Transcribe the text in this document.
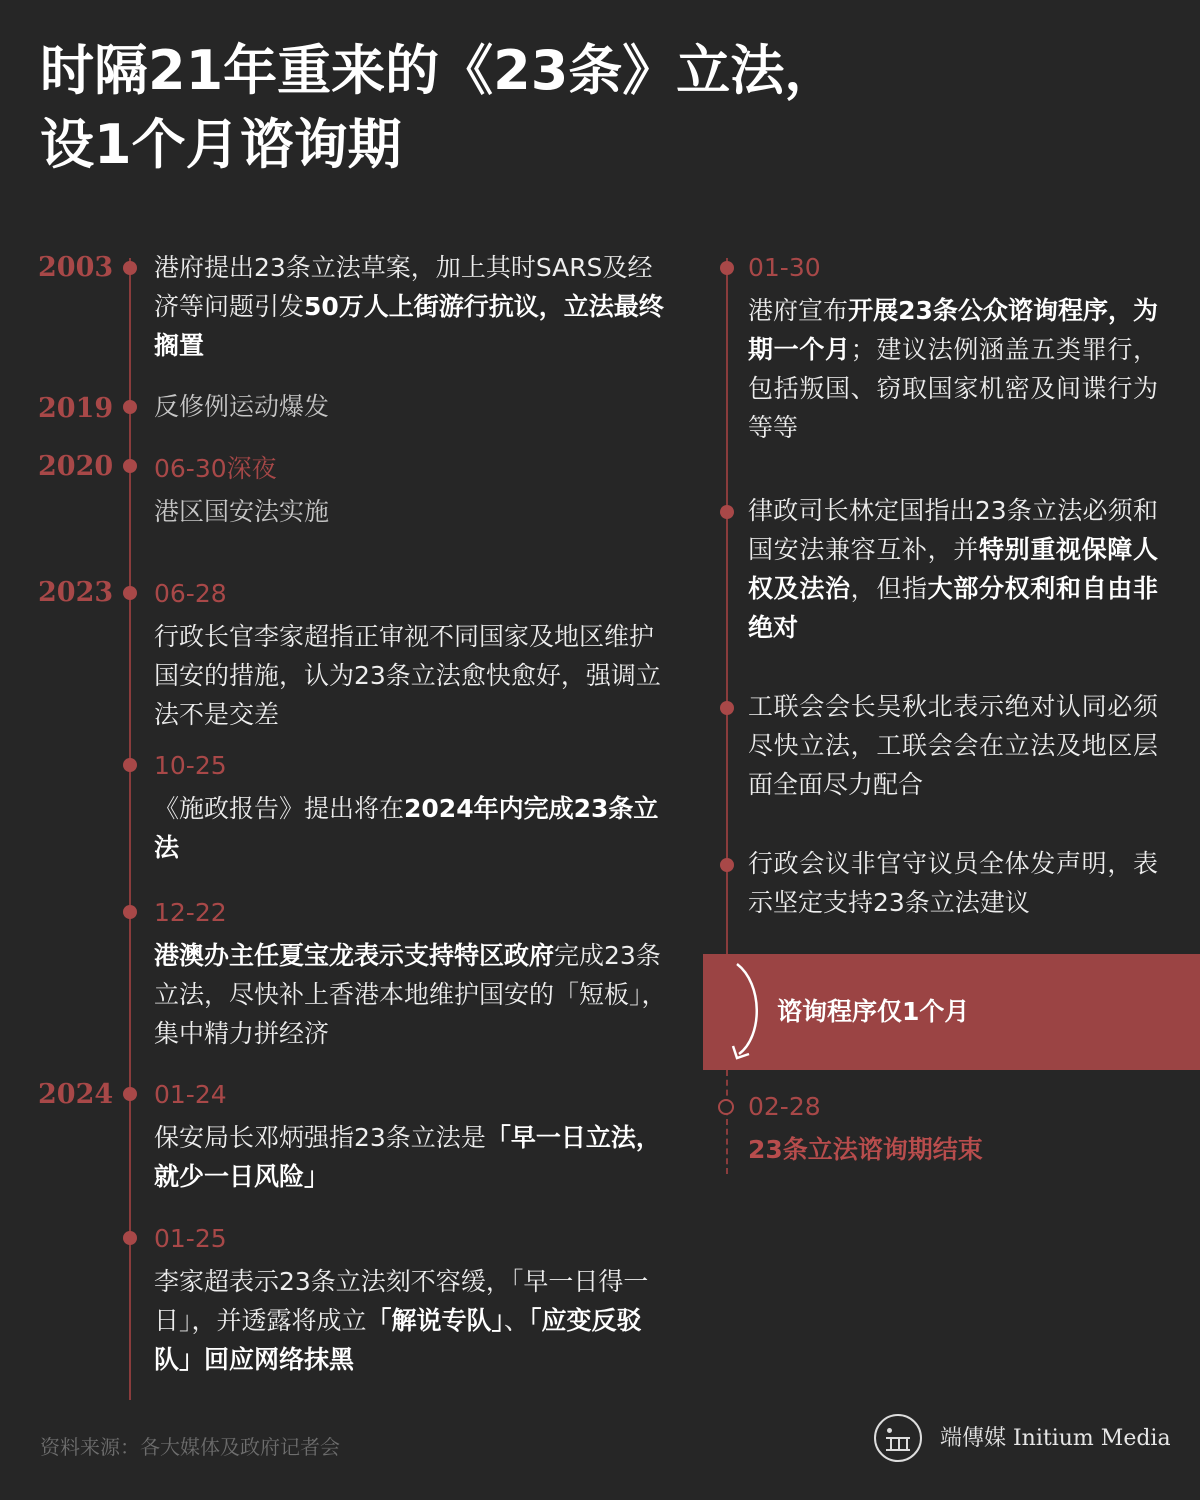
时隔21年重来的《23条》立法，
设1个月谘询期
2003 港府提出23条立法草案，加上其时SARS及经济等问题引发50万人上街游行抗议，立法最终搁置
2019 反修例运动爆发
2020 06-30深夜
港区国安法实施
2023 06-28
行政长官李家超指正审视不同国家及地区维护国安的措施，认为23条立法愈快愈好，强调立法不是交差
10-25
《施政报告》提出将在2024年内完成23条立法
12-22
港澳办主任夏宝龙表示支持特区政府完成23条立法，尽快补上香港本地维护国安的「短板」，集中精力拼经济
2024 01-24
保安局长邓炳强指23条立法是「早一日立法，就少一日风险」
01-25
李家超表示23条立法刻不容缓，「早一日得一日」，并透露将成立「解说专队」、「应变反驳队」回应网络抹黑
01-30
港府宣布开展23条公众谘询程序，为期一个月；建议法例涵盖五类罪行，包括叛国、窃取国家机密及间谍行为等等
律政司长林定国指出23条立法必须和国安法兼容互补，并特别重视保障人权及法治，但指大部分权利和自由非绝对
工联会会长吴秋北表示绝对认同必须尽快立法，工联会会在立法及地区层面全面尽力配合
行政会议非官守议员全体发声明，表示坚定支持23条立法建议
谘询程序仅1个月
02-28
23条立法谘询期结束
资料来源：各大媒体及政府记者会	端傳媒 Initium Media
